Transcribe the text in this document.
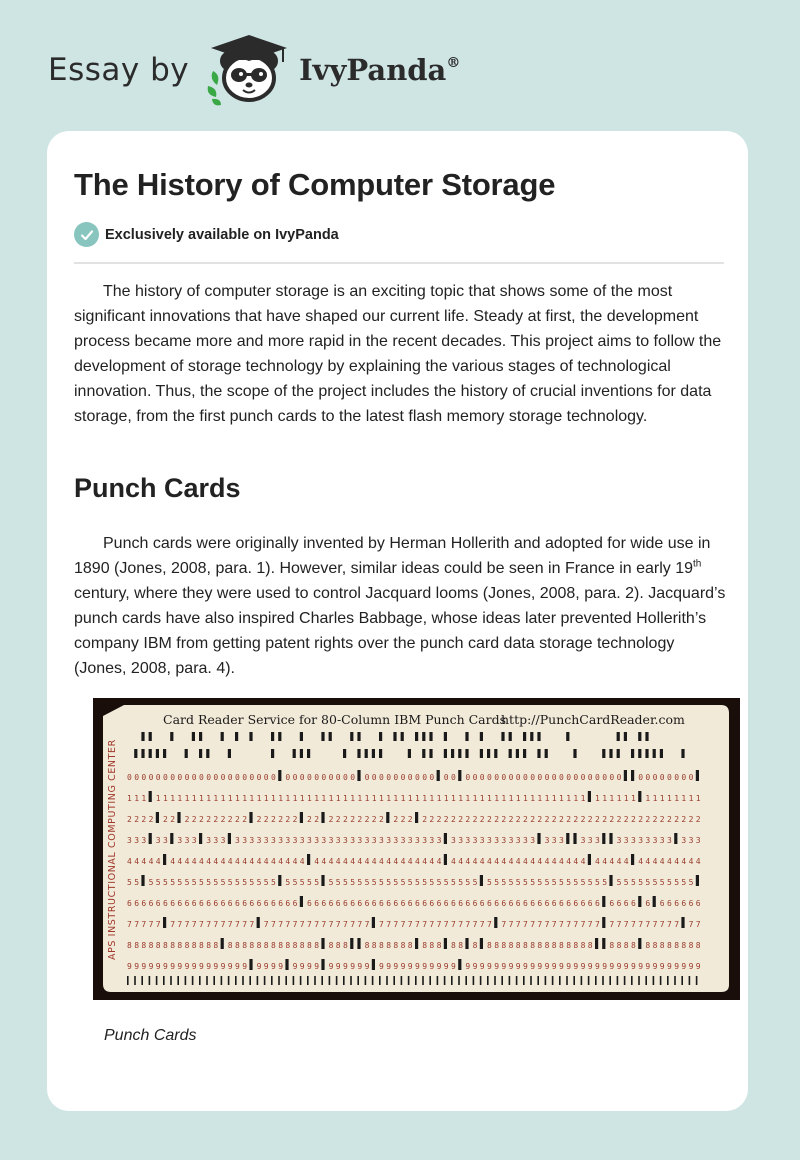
Essay by	IvyPanda®
The History of Computer Storage
Exclusively available on IvyPanda

The history of computer storage is an exciting topic that shows some of the most significant innovations that have shaped our current life. Steady at first, the development process became more and more rapid in the recent decades. This project aims to follow the development of storage technology by explaining the various stages of technological innovation. Thus, the scope of the project includes the history of crucial inventions for data storage, from the first punch cards to the latest flash memory storage technology.

Punch Cards

Punch cards were originally invented by Herman Hollerith and adopted for wide use in 1890 (Jones, 2008, para. 1). However, similar ideas could be seen in France in early 19th century, where they were used to control Jacquard looms (Jones, 2008, para. 2). Jacquard’s punch cards have also inspired Charles Babbage, whose ideas later prevented Hollerith’s company IBM from getting patent rights over the punch card data storage technology (Jones, 2008, para. 4).

Card Reader Service for 80-Column IBM Punch Cards
http://PunchCardReader.com
APS INSTRUCTIONAL COMPUTING CENTER 0 0 0 0 0 0 0 0 0 0 0 0 0 0 0 0 0 0 0 0 0 0 0 0 0 0 0 0 0 0 0 0 0 0 0 0 0 0 0 0 0 0 0 0 0 0 0 0 0 0 0 0 0 0 0 0 0 0 0 0 0 0 0 0 0 0 0 0 0 0 0 0 0
1 1 1 1 1 1 1 1 1 1 1 1 1 1 1 1 1 1 1 1 1 1 1 1 1 1 1 1 1 1 1 1 1 1 1 1 1 1 1 1 1 1 1 1 1 1 1 1 1 1 1 1 1 1 1 1 1 1 1 1 1 1 1 1 1 1 1 1 1 1 1 1 1 1 1 1 1
2 2 2 2 2 2 2 2 2 2 2 2 2 2 2 2 2 2 2 2 2 2 2 2 2 2 2 2 2 2 2 2 2 2 2 2 2 2 2 2 2 2 2 2 2 2 2 2 2 2 2 2 2 2 2 2 2 2 2 2 2 2 2 2 2 2 2 2 2 2 2 2 2
3 3 3 3 3 3 3 3 3 3 3 3 3 3 3 3 3 3 3 3 3 3 3 3 3 3 3 3 3 3 3 3 3 3 3 3 3 3 3 3 3 3 3 3 3 3 3 3 3 3 3 3 3 3 3 3 3 3 3 3 3 3 3 3 3 3 3 3 3
4 4 4 4 4 4 4 4 4 4 4 4 4 4 4 4 4 4 4 4 4 4 4 4 4 4 4 4 4 4 4 4 4 4 4 4 4 4 4 4 4 4 4 4 4 4 4 4 4 4 4 4 4 4 4 4 4 4 4 4 4 4 4 4 4 4 4 4 4 4 4 4 4 4 4
5 5 5 5 5 5 5 5 5 5 5 5 5 5 5 5 5 5 5 5 5 5 5 5 5 5 5 5 5 5 5 5 5 5 5 5 5 5 5 5 5 5 5 5 5 5 5 5 5 5 5 5 5 5 5 5 5 5 5 5 5 5 5 5 5 5 5 5 5 5 5 5 5 5
6 6 6 6 6 6 6 6 6 6 6 6 6 6 6 6 6 6 6 6 6 6 6 6 6 6 6 6 6 6 6 6 6 6 6 6 6 6 6 6 6 6 6 6 6 6 6 6 6 6 6 6 6 6 6 6 6 6 6 6 6 6 6 6 6 6 6 6 6 6 6 6 6 6 6 6
7 7 7 7 7 7 7 7 7 7 7 7 7 7 7 7 7 7 7 7 7 7 7 7 7 7 7 7 7 7 7 7 7 7 7 7 7 7 7 7 7 7 7 7 7 7 7 7 7 7 7 7 7 7 7 7 7 7 7 7 7 7 7 7 7 7 7 7 7 7 7 7 7 7
8 8 8 8 8 8 8 8 8 8 8 8 8 8 8 8 8 8 8 8 8 8 8 8 8 8 8 8 8 8 8 8 8 8 8 8 8 8 8 8 8 8 8 8 8 8 8 8 8 8 8 8 8 8 8 8 8 8 8 8 8 8 8 8 8 8 8 8 8
9 9 9 9 9 9 9 9 9 9 9 9 9 9 9 9 9 9 9 9 9 9 9 9 9 9 9 9 9 9 9 9 9 9 9 9 9 9 9 9 9 9 9 9 9 9 9 9 9 9 9 9 9 9 9 9 9 9 9 9 9 9 9 9 9 9 9 9 9 9 9 9 9 9 9

Punch Cards
